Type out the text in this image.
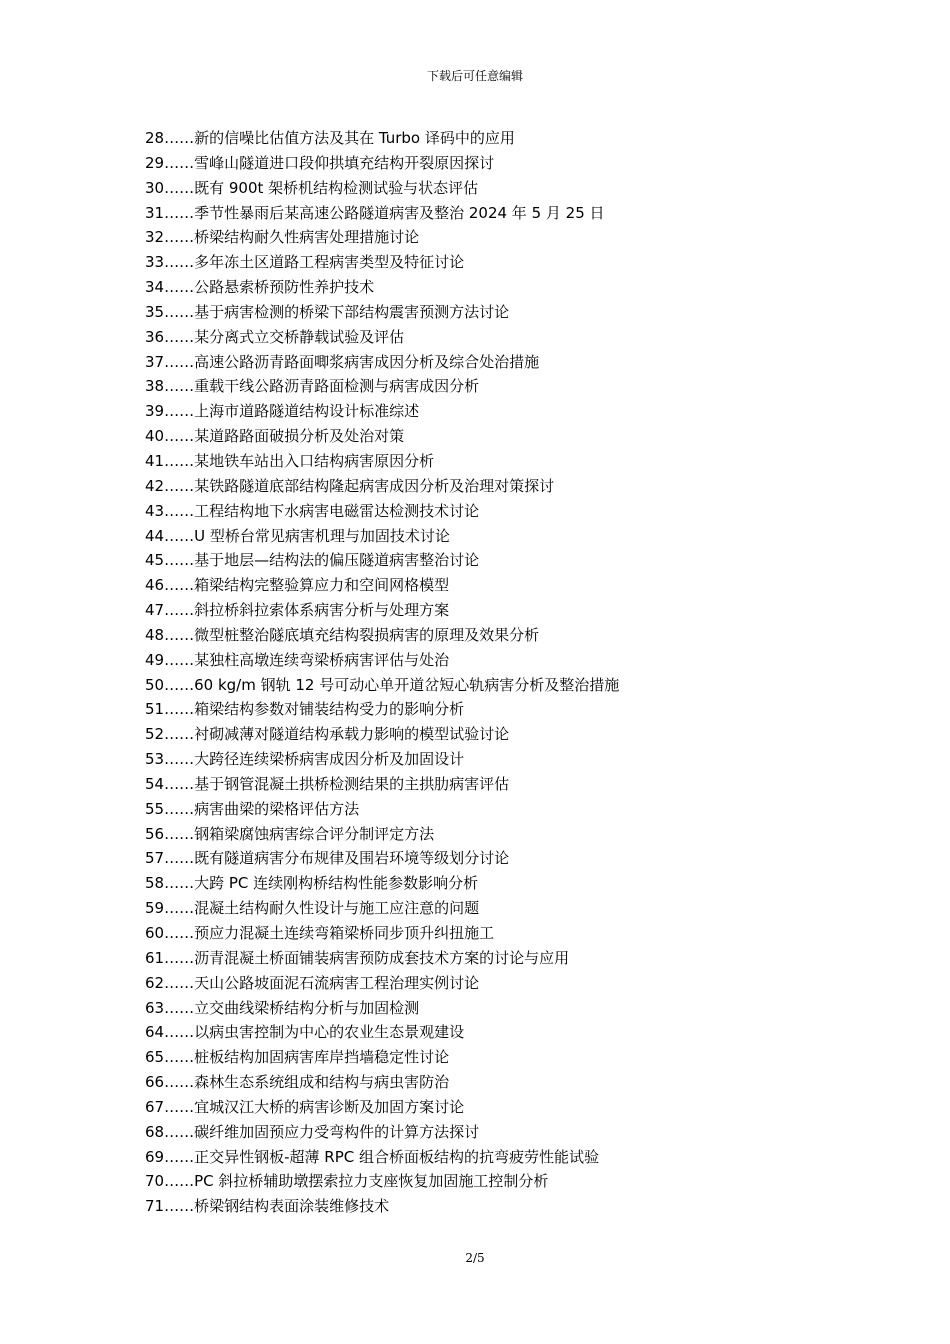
下载后可任意编辑
28……新的信噪比估值方法及其在 Turbo 译码中的应用
29……雪峰山隧道进口段仰拱填充结构开裂原因探讨
30……既有 900t 架桥机结构检测试验与状态评估
31……季节性暴雨后某高速公路隧道病害及整治 2024 年 5 月 25 日
32……桥梁结构耐久性病害处理措施讨论
33……多年冻土区道路工程病害类型及特征讨论
34……公路悬索桥预防性养护技术
35……基于病害检测的桥梁下部结构震害预测方法讨论
36……某分离式立交桥静载试验及评估
37……高速公路沥青路面唧浆病害成因分析及综合处治措施
38……重载干线公路沥青路面检测与病害成因分析
39……上海市道路隧道结构设计标准综述
40……某道路路面破损分析及处治对策
41……某地铁车站出入口结构病害原因分析
42……某铁路隧道底部结构隆起病害成因分析及治理对策探讨
43……工程结构地下水病害电磁雷达检测技术讨论
44……U 型桥台常见病害机理与加固技术讨论
45……基于地层—结构法的偏压隧道病害整治讨论
46……箱梁结构完整验算应力和空间网格模型
47……斜拉桥斜拉索体系病害分析与处理方案
48……微型桩整治隧底填充结构裂损病害的原理及效果分析
49……某独柱高墩连续弯梁桥病害评估与处治
50……60 kg/m 钢轨 12 号可动心单开道岔短心轨病害分析及整治措施
51……箱梁结构参数对铺装结构受力的影响分析
52……衬砌减薄对隧道结构承载力影响的模型试验讨论
53……大跨径连续梁桥病害成因分析及加固设计
54……基于钢管混凝土拱桥检测结果的主拱肋病害评估
55……病害曲梁的梁格评估方法
56……钢箱梁腐蚀病害综合评分制评定方法
57……既有隧道病害分布规律及围岩环境等级划分讨论
58……大跨 PC 连续刚构桥结构性能参数影响分析
59……混凝土结构耐久性设计与施工应注意的问题
60……预应力混凝土连续弯箱梁桥同步顶升纠扭施工
61……沥青混凝土桥面铺装病害预防成套技术方案的讨论与应用
62……天山公路坡面泥石流病害工程治理实例讨论
63……立交曲线梁桥结构分析与加固检测
64……以病虫害控制为中心的农业生态景观建设
65……桩板结构加固病害库岸挡墙稳定性讨论
66……森林生态系统组成和结构与病虫害防治
67……宜城汉江大桥的病害诊断及加固方案讨论
68……碳纤维加固预应力受弯构件的计算方法探讨
69……正交异性钢板-超薄 RPC 组合桥面板结构的抗弯疲劳性能试验
70……PC 斜拉桥辅助墩摆索拉力支座恢复加固施工控制分析
71……桥梁钢结构表面涂装维修技术
2/5
